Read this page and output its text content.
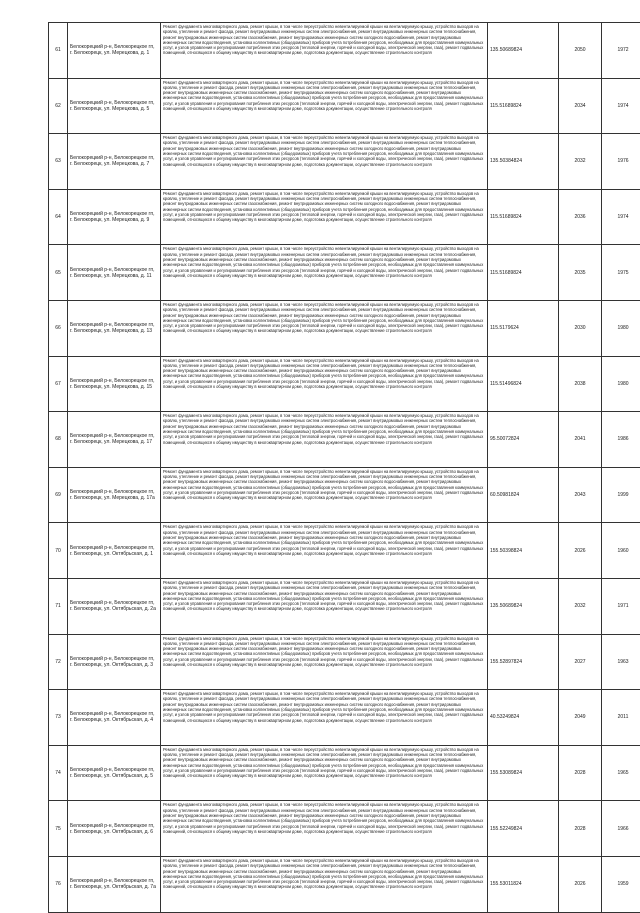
61	Белокорецкий р-н, Белокорецкое гп, г. Белокорецк, ул. Мерецкова, д. 1	Ремонт фундамента многоквартирного дома, ремонт крыши, в том числе переустройство невентилируемой крыши на вентилируемую крышу, устройство выходов на кровлю, утепление и ремонт фасада, ремонт внутридомовых инженерных систем электроснабжения, ремонт внутридомовых инженерных систем теплоснабжения, ремонт внутридомовых инженерных систем газоснабжения, ремонт внутридомовых инженерных систем холодного водоснабжения, ремонт внутридомовых инженерных систем водоотведения, установка коллективных (общедомовых) приборов учета потребления ресурсов, необходимых для предоставления коммунальных услуг, и узлов управления и регулирования потребления этих ресурсов (тепловой энергии, горячей и холодной воды, электрической энергии, газа), ремонт подвальных помещений, относящихся к общему имуществу в многоквартирном доме, подготовка документации, осуществление строительного контроля	135.50689824	2050	1972
62	Белокорецкий р-н, Белокорецкое гп, г. Белокорецк, ул. Мерецкова, д. 5	Ремонт фундамента многоквартирного дома, ремонт крыши, в том числе переустройство невентилируемой крыши на вентилируемую крышу, устройство выходов на кровлю, утепление и ремонт фасада, ремонт внутридомовых инженерных систем электроснабжения, ремонт внутридомовых инженерных систем теплоснабжения, ремонт внутридомовых инженерных систем газоснабжения, ремонт внутридомовых инженерных систем холодного водоснабжения, ремонт внутридомовых инженерных систем водоотведения, установка коллективных (общедомовых) приборов учета потребления ресурсов, необходимых для предоставления коммунальных услуг, и узлов управления и регулирования потребления этих ресурсов (тепловой энергии, горячей и холодной воды, электрической энергии, газа), ремонт подвальных помещений, относящихся к общему имуществу в многоквартирном доме, подготовка документации, осуществление строительного контроля	115.51689824	2034	1974
63	Белокорецкий р-н, Белокорецкое гп, г. Белокорецк, ул. Мерецкова, д. 7	Ремонт фундамента многоквартирного дома, ремонт крыши, в том числе переустройство невентилируемой крыши на вентилируемую крышу, устройство выходов на кровлю, утепление и ремонт фасада, ремонт внутридомовых инженерных систем электроснабжения, ремонт внутридомовых инженерных систем теплоснабжения, ремонт внутридомовых инженерных систем газоснабжения, ремонт внутридомовых инженерных систем холодного водоснабжения, ремонт внутридомовых инженерных систем водоотведения, установка коллективных (общедомовых) приборов учета потребления ресурсов, необходимых для предоставления коммунальных услуг, и узлов управления и регулирования потребления этих ресурсов (тепловой энергии, горячей и холодной воды, электрической энергии, газа), ремонт подвальных помещений, относящихся к общему имуществу в многоквартирном доме, подготовка документации, осуществление строительного контроля	135.50384824	2032	1976
64	Белокорецкий р-н, Белокорецкое гп, г. Белокорецк, ул. Мерецкова, д. 9	Ремонт фундамента многоквартирного дома, ремонт крыши, в том числе переустройство невентилируемой крыши на вентилируемую крышу, устройство выходов на кровлю, утепление и ремонт фасада, ремонт внутридомовых инженерных систем электроснабжения, ремонт внутридомовых инженерных систем теплоснабжения, ремонт внутридомовых инженерных систем газоснабжения, ремонт внутридомовых инженерных систем холодного водоснабжения, ремонт внутридомовых инженерных систем водоотведения, установка коллективных (общедомовых) приборов учета потребления ресурсов, необходимых для предоставления коммунальных услуг, и узлов управления и регулирования потребления этих ресурсов (тепловой энергии, горячей и холодной воды, электрической энергии, газа), ремонт подвальных помещений, относящихся к общему имуществу в многоквартирном доме, подготовка документации, осуществление строительного контроля	115.51689824	2036	1974
65	Белокорецкий р-н, Белокорецкое гп, г. Белокорецк, ул. Мерецкова, д. 11	Ремонт фундамента многоквартирного дома, ремонт крыши, в том числе переустройство невентилируемой крыши на вентилируемую крышу, устройство выходов на кровлю, утепление и ремонт фасада, ремонт внутридомовых инженерных систем электроснабжения, ремонт внутридомовых инженерных систем теплоснабжения, ремонт внутридомовых инженерных систем газоснабжения, ремонт внутридомовых инженерных систем холодного водоснабжения, ремонт внутридомовых инженерных систем водоотведения, установка коллективных (общедомовых) приборов учета потребления ресурсов, необходимых для предоставления коммунальных услуг, и узлов управления и регулирования потребления этих ресурсов (тепловой энергии, горячей и холодной воды, электрической энергии, газа), ремонт подвальных помещений, относящихся к общему имуществу в многоквартирном доме, подготовка документации, осуществление строительного контроля	115.51689824	2035	1975
66	Белокорецкий р-н, Белокорецкое гп, г. Белокорецк, ул. Мерецкова, д. 13	Ремонт фундамента многоквартирного дома, ремонт крыши, в том числе переустройство невентилируемой крыши на вентилируемую крышу, устройство выходов на кровлю, утепление и ремонт фасада, ремонт внутридомовых инженерных систем электроснабжения, ремонт внутридомовых инженерных систем теплоснабжения, ремонт внутридомовых инженерных систем газоснабжения, ремонт внутридомовых инженерных систем холодного водоснабжения, ремонт внутридомовых инженерных систем водоотведения, установка коллективных (общедомовых) приборов учета потребления ресурсов, необходимых для предоставления коммунальных услуг, и узлов управления и регулирования потребления этих ресурсов (тепловой энергии, горячей и холодной воды, электрической энергии, газа), ремонт подвальных помещений, относящихся к общему имуществу в многоквартирном доме, подготовка документации, осуществление строительного контроля	115.5179624	2030	1980
67	Белокорецкий р-н, Белокорецкое гп, г. Белокорецк, ул. Мерецкова, д. 15	Ремонт фундамента многоквартирного дома, ремонт крыши, в том числе переустройство невентилируемой крыши на вентилируемую крышу, устройство выходов на кровлю, утепление и ремонт фасада, ремонт внутридомовых инженерных систем электроснабжения, ремонт внутридомовых инженерных систем теплоснабжения, ремонт внутридомовых инженерных систем газоснабжения, ремонт внутридомовых инженерных систем холодного водоснабжения, ремонт внутридомовых инженерных систем водоотведения, установка коллективных (общедомовых) приборов учета потребления ресурсов, необходимых для предоставления коммунальных услуг, и узлов управления и регулирования потребления этих ресурсов (тепловой энергии, горячей и холодной воды, электрической энергии, газа), ремонт подвальных помещений, относящихся к общему имуществу в многоквартирном доме, подготовка документации, осуществление строительного контроля	115.51496824	2038	1980
68	Белокорецкий р-н, Белокорецкое гп, г. Белокорецк, ул. Мерецкова, д. 17	Ремонт фундамента многоквартирного дома, ремонт крыши, в том числе переустройство невентилируемой крыши на вентилируемую крышу, устройство выходов на кровлю, утепление и ремонт фасада, ремонт внутридомовых инженерных систем электроснабжения, ремонт внутридомовых инженерных систем теплоснабжения, ремонт внутридомовых инженерных систем газоснабжения, ремонт внутридомовых инженерных систем холодного водоснабжения, ремонт внутридомовых инженерных систем водоотведения, установка коллективных (общедомовых) приборов учета потребления ресурсов, необходимых для предоставления коммунальных услуг, и узлов управления и регулирования потребления этих ресурсов (тепловой энергии, горячей и холодной воды, электрической энергии, газа), ремонт подвальных помещений, относящихся к общему имуществу в многоквартирном доме, подготовка документации, осуществление строительного контроля	95.50072824	2041	1986
69	Белокорецкий р-н, Белокорецкое гп, г. Белокорецк, ул. Мерецкова, д. 17а	Ремонт фундамента многоквартирного дома, ремонт крыши, в том числе переустройство невентилируемой крыши на вентилируемую крышу, устройство выходов на кровлю, утепление и ремонт фасада, ремонт внутридомовых инженерных систем электроснабжения, ремонт внутридомовых инженерных систем теплоснабжения, ремонт внутридомовых инженерных систем газоснабжения, ремонт внутридомовых инженерных систем холодного водоснабжения, ремонт внутридомовых инженерных систем водоотведения, установка коллективных (общедомовых) приборов учета потребления ресурсов, необходимых для предоставления коммунальных услуг, и узлов управления и регулирования потребления этих ресурсов (тепловой энергии, горячей и холодной воды, электрической энергии, газа), ремонт подвальных помещений, относящихся к общему имуществу в многоквартирном доме, подготовка документации, осуществление строительного контроля	60.50981824	2043	1999
70	Белокорецкий р-н, Белокорецкое гп, г. Белокорецк, ул. Октябрьская, д. 1	Ремонт фундамента многоквартирного дома, ремонт крыши, в том числе переустройство невентилируемой крыши на вентилируемую крышу, устройство выходов на кровлю, утепление и ремонт фасада, ремонт внутридомовых инженерных систем электроснабжения, ремонт внутридомовых инженерных систем теплоснабжения, ремонт внутридомовых инженерных систем газоснабжения, ремонт внутридомовых инженерных систем холодного водоснабжения, ремонт внутридомовых инженерных систем водоотведения, установка коллективных (общедомовых) приборов учета потребления ресурсов, необходимых для предоставления коммунальных услуг, и узлов управления и регулирования потребления этих ресурсов (тепловой энергии, горячей и холодной воды, электрической энергии, газа), ремонт подвальных помещений, относящихся к общему имуществу в многоквартирном доме, подготовка документации, осуществление строительного контроля	155.50398824	2026	1960
71	Белокорецкий р-н, Белокорецкое гп, г. Белокорецк, ул. Октябрьская, д. 2а	Ремонт фундамента многоквартирного дома, ремонт крыши, в том числе переустройство невентилируемой крыши на вентилируемую крышу, устройство выходов на кровлю, утепление и ремонт фасада, ремонт внутридомовых инженерных систем электроснабжения, ремонт внутридомовых инженерных систем теплоснабжения, ремонт внутридомовых инженерных систем газоснабжения, ремонт внутридомовых инженерных систем холодного водоснабжения, ремонт внутридомовых инженерных систем водоотведения, установка коллективных (общедомовых) приборов учета потребления ресурсов, необходимых для предоставления коммунальных услуг, и узлов управления и регулирования потребления этих ресурсов (тепловой энергии, горячей и холодной воды, электрической энергии, газа), ремонт подвальных помещений, относящихся к общему имуществу в многоквартирном доме, подготовка документации, осуществление строительного контроля	135.50689824	2032	1971
72	Белокорецкий р-н, Белокорецкое гп, г. Белокорецк, ул. Октябрьская, д. 3	Ремонт фундамента многоквартирного дома, ремонт крыши, в том числе переустройство невентилируемой крыши на вентилируемую крышу, устройство выходов на кровлю, утепление и ремонт фасада, ремонт внутридомовых инженерных систем электроснабжения, ремонт внутридомовых инженерных систем теплоснабжения, ремонт внутридомовых инженерных систем газоснабжения, ремонт внутридомовых инженерных систем холодного водоснабжения, ремонт внутридомовых инженерных систем водоотведения, установка коллективных (общедомовых) приборов учета потребления ресурсов, необходимых для предоставления коммунальных услуг, и узлов управления и регулирования потребления этих ресурсов (тепловой энергии, горячей и холодной воды, электрической энергии, газа), ремонт подвальных помещений, относящихся к общему имуществу в многоквартирном доме, подготовка документации, осуществление строительного контроля	155.52897824	2027	1963
73	Белокорецкий р-н, Белокорецкое гп, г. Белокорецк, ул. Октябрьская, д. 4	Ремонт фундамента многоквартирного дома, ремонт крыши, в том числе переустройство невентилируемой крыши на вентилируемую крышу, устройство выходов на кровлю, утепление и ремонт фасада, ремонт внутридомовых инженерных систем электроснабжения, ремонт внутридомовых инженерных систем теплоснабжения, ремонт внутридомовых инженерных систем газоснабжения, ремонт внутридомовых инженерных систем холодного водоснабжения, ремонт внутридомовых инженерных систем водоотведения, установка коллективных (общедомовых) приборов учета потребления ресурсов, необходимых для предоставления коммунальных услуг, и узлов управления и регулирования потребления этих ресурсов (тепловой энергии, горячей и холодной воды, электрической энергии, газа), ремонт подвальных помещений, относящихся к общему имуществу в многоквартирном доме, подготовка документации, осуществление строительного контроля	40.53249824	2049	2011
74	Белокорецкий р-н, Белокорецкое гп, г. Белокорецк, ул. Октябрьская, д. 5	Ремонт фундамента многоквартирного дома, ремонт крыши, в том числе переустройство невентилируемой крыши на вентилируемую крышу, устройство выходов на кровлю, утепление и ремонт фасада, ремонт внутридомовых инженерных систем электроснабжения, ремонт внутридомовых инженерных систем теплоснабжения, ремонт внутридомовых инженерных систем газоснабжения, ремонт внутридомовых инженерных систем холодного водоснабжения, ремонт внутридомовых инженерных систем водоотведения, установка коллективных (общедомовых) приборов учета потребления ресурсов, необходимых для предоставления коммунальных услуг, и узлов управления и регулирования потребления этих ресурсов (тепловой энергии, горячей и холодной воды, электрической энергии, газа), ремонт подвальных помещений, относящихся к общему имуществу в многоквартирном доме, подготовка документации, осуществление строительного контроля	155.53089824	2028	1965
75	Белокорецкий р-н, Белокорецкое гп, г. Белокорецк, ул. Октябрьская, д. 6	Ремонт фундамента многоквартирного дома, ремонт крыши, в том числе переустройство невентилируемой крыши на вентилируемую крышу, устройство выходов на кровлю, утепление и ремонт фасада, ремонт внутридомовых инженерных систем электроснабжения, ремонт внутридомовых инженерных систем теплоснабжения, ремонт внутридомовых инженерных систем газоснабжения, ремонт внутридомовых инженерных систем холодного водоснабжения, ремонт внутридомовых инженерных систем водоотведения, установка коллективных (общедомовых) приборов учета потребления ресурсов, необходимых для предоставления коммунальных услуг, и узлов управления и регулирования потребления этих ресурсов (тепловой энергии, горячей и холодной воды, электрической энергии, газа), ремонт подвальных помещений, относящихся к общему имуществу в многоквартирном доме, подготовка документации, осуществление строительного контроля	155.52249824	2028	1966
76	Белокорецкий р-н, Белокорецкое гп, г. Белокорецк, ул. Октябрьская, д. 7а	Ремонт фундамента многоквартирного дома, ремонт крыши, в том числе переустройство невентилируемой крыши на вентилируемую крышу, устройство выходов на кровлю, утепление и ремонт фасада, ремонт внутридомовых инженерных систем электроснабжения, ремонт внутридомовых инженерных систем теплоснабжения, ремонт внутридомовых инженерных систем газоснабжения, ремонт внутридомовых инженерных систем холодного водоснабжения, ремонт внутридомовых инженерных систем водоотведения, установка коллективных (общедомовых) приборов учета потребления ресурсов, необходимых для предоставления коммунальных услуг, и узлов управления и регулирования потребления этих ресурсов (тепловой энергии, горячей и холодной воды, электрической энергии, газа), ремонт подвальных помещений, относящихся к общему имуществу в многоквартирном доме, подготовка документации, осуществление строительного контроля	155.53011824	2026	1959
